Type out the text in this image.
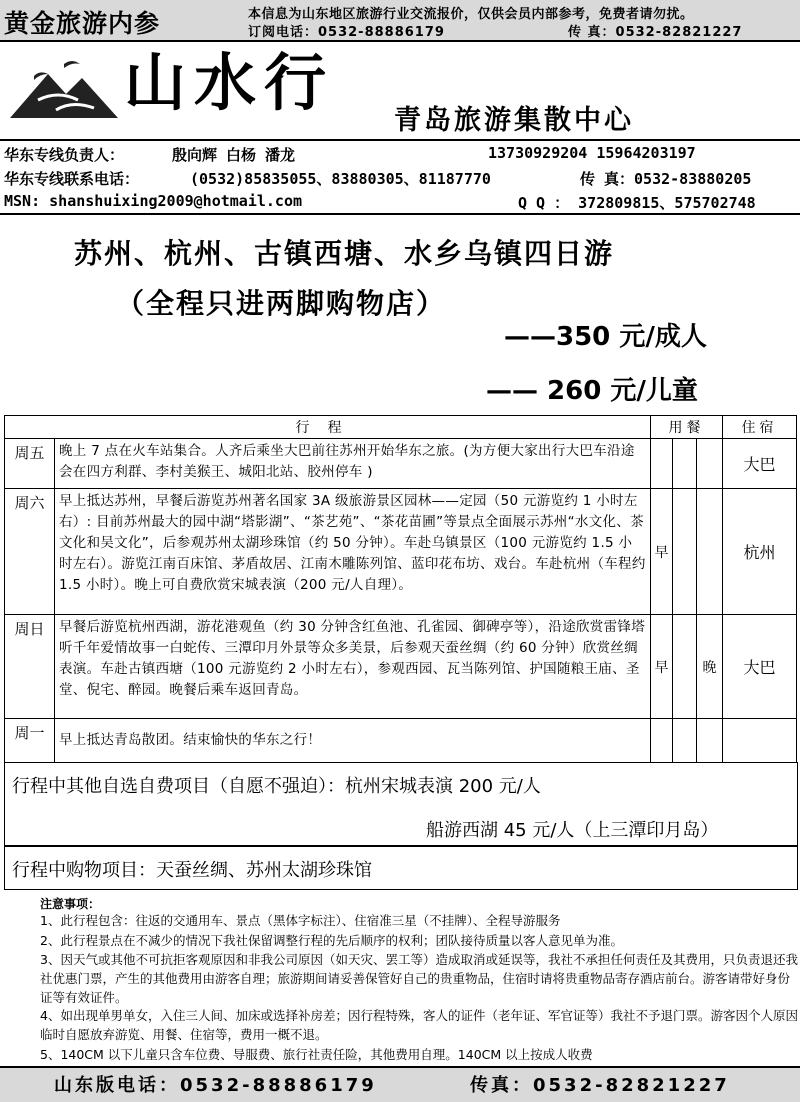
黄金旅游内参	本信息为山东地区旅游行业交流报价，仅供会员内部参考，免费者请勿扰。
订阅电话：0532-88886179	传 真：0532-82821227
山水行
青岛旅游集散中心
华东专线负责人：	殷向辉 白杨 潘龙	13730929204 15964203197
华东专线联系电话：	(0532)85835055、83880305、81187770	传 真：0532-83880205
MSN: shanshuixing2009@hotmail.com	Q Q ： 372809815、575702748
苏州、杭州、古镇西塘、水乡乌镇四日游
（全程只进两脚购物店）
——350 元/成人
—— 260 元/儿童
行程		用餐			住宿
周五	晚上 7 点在火车站集合。人齐后乘坐大巴前往苏州开始华东之旅。(为方便大家出行大巴车沿途会在四方利群、李村美猴王、城阳北站、胶州停车 )				大巴
周六	早上抵达苏州，早餐后游览苏州著名国家 3A 级旅游景区园林——定园（50 元游览约 1 小时左右）: 目前苏州最大的园中湖“塔影湖”、“茶艺苑”、“茶花苗圃”等景点全面展示苏州“水文化、茶文化和吴文化”，后参观苏州太湖珍珠馆（约 50 分钟）。车赴乌镇景区（100 元游览约 1.5 小时左右）。游览江南百床馆、茅盾故居、江南木雕陈列馆、蓝印花布坊、戏台。车赴杭州（车程约 1.5 小时）。晚上可自费欣赏宋城表演（200 元/人自理）。	早			杭州
周日	早餐后游览杭州西湖，游花港观鱼（约 30 分钟含红鱼池、孔雀园、御碑亭等），沿途欣赏雷锋塔听千年爱情故事一白蛇传、三潭印月外景等众多美景，后参观天蚕丝绸（约 60 分钟）欣赏丝绸表演。车赴古镇西塘（100 元游览约 2 小时左右），参观西园、瓦当陈列馆、护国随粮王庙、圣堂、倪宅、醉园。晚餐后乘车返回青岛。	早		晚	大巴
周一	早上抵达青岛散团。结束愉快的华东之行！				
行程中其他自选自费项目（自愿不强迫）：杭州宋城表演 200 元/人
船游西湖 45 元/人（上三潭印月岛）
行程中购物项目：天蚕丝绸、苏州太湖珍珠馆
注意事项：
1、此行程包含：往返的交通用车、景点（黑体字标注）、住宿准三星（不挂牌）、全程导游服务
2、此行程景点在不减少的情况下我社保留调整行程的先后顺序的权利；团队接待质量以客人意见单为准。
3、因天气或其他不可抗拒客观原因和非我公司原因（如天灾、罢工等）造成取消或延误等，我社不承担任何责任及其费用，只负责退还我社优惠门票，产生的其他费用由游客自理；旅游期间请妥善保管好自己的贵重物品，住宿时请将贵重物品寄存酒店前台。游客请带好身份证等有效证件。
4、如出现单男单女，入住三人间、加床或选择补房差；因行程特殊，客人的证件（老年证、军官证等）我社不予退门票。游客因个人原因临时自愿放弃游览、用餐、住宿等，费用一概不退。
5、140CM 以下儿童只含车位费、导服费、旅行社责任险，其他费用自理。140CM 以上按成人收费
山东版电话：0532-88886179	传真：0532-82821227
